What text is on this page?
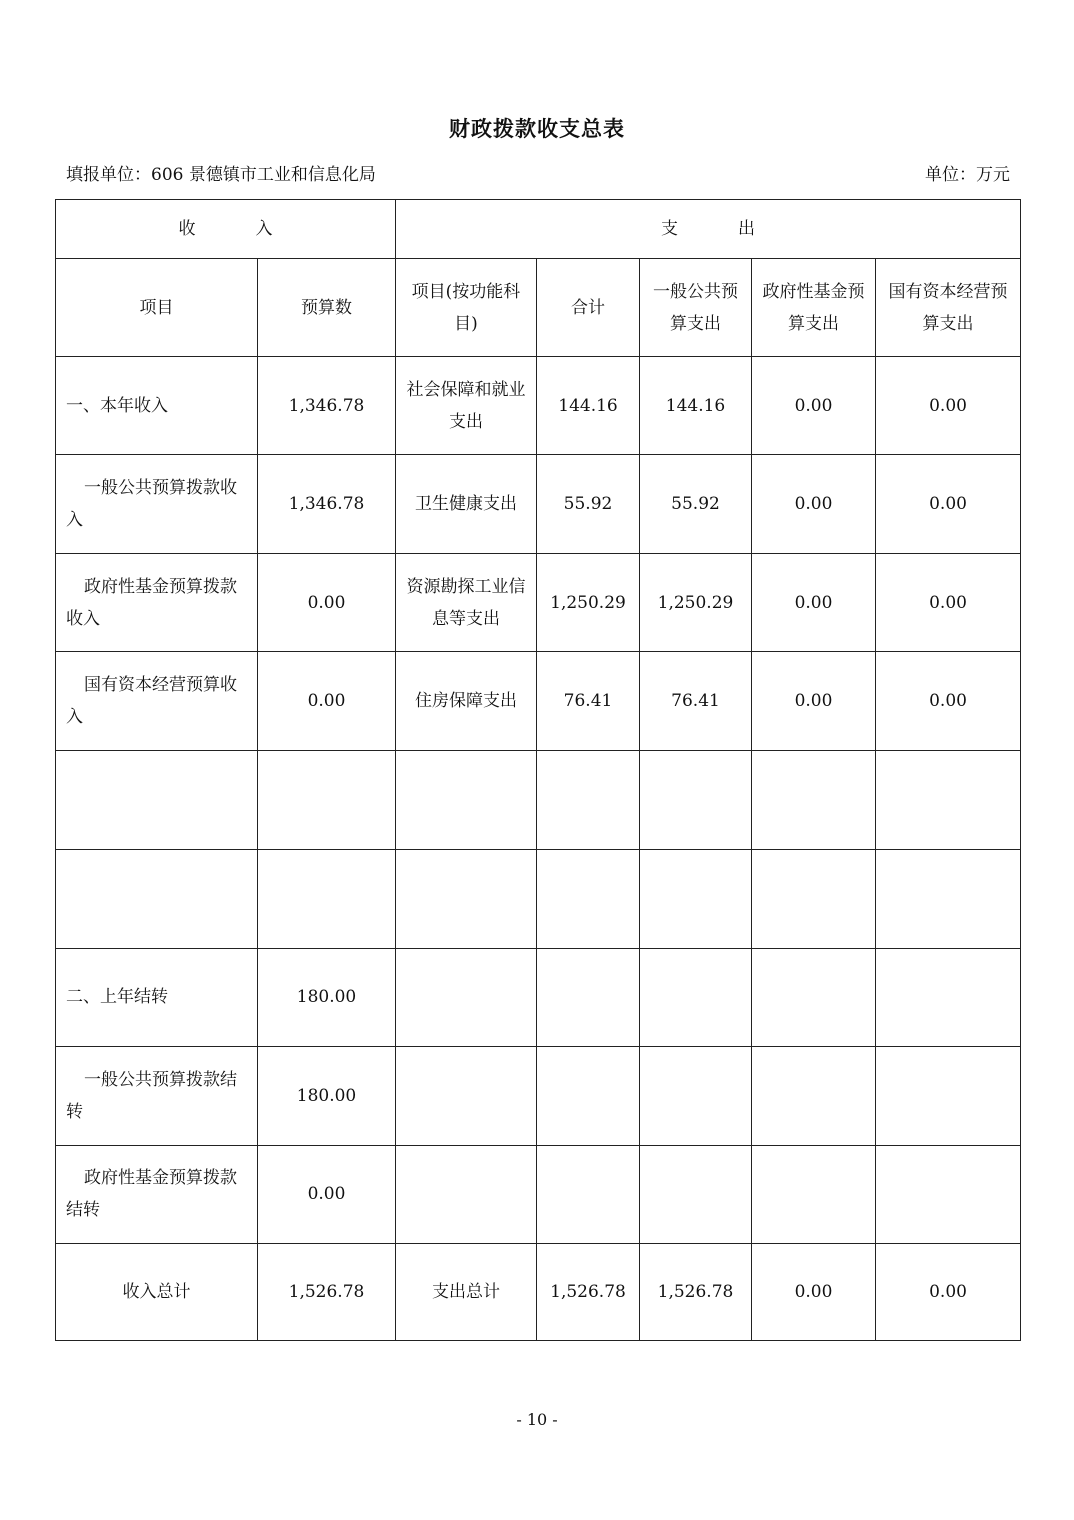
财政拨款收支总表
填报单位：606 景德镇市工业和信息化局	单位：万元
收 入		支 出				
项目	预算数	项目(按功能科目)	合计	一般公共预算支出	政府性基金预算支出	国有资本经营预算支出
一、本年收入	1,346.78	社会保障和就业支出	144.16	144.16	0.00	0.00
一般公共预算拨款收入	1,346.78	卫生健康支出	55.92	55.92	0.00	0.00
政府性基金预算拨款收入	0.00	资源勘探工业信息等支出	1,250.29	1,250.29	0.00	0.00
国有资本经营预算收入	0.00	住房保障支出	76.41	76.41	0.00	0.00

二、上年结转	180.00					
一般公共预算拨款结转	180.00					
政府性基金预算拨款结转	0.00					
收入总计	1,526.78	支出总计	1,526.78	1,526.78	0.00	0.00
- 10 -
